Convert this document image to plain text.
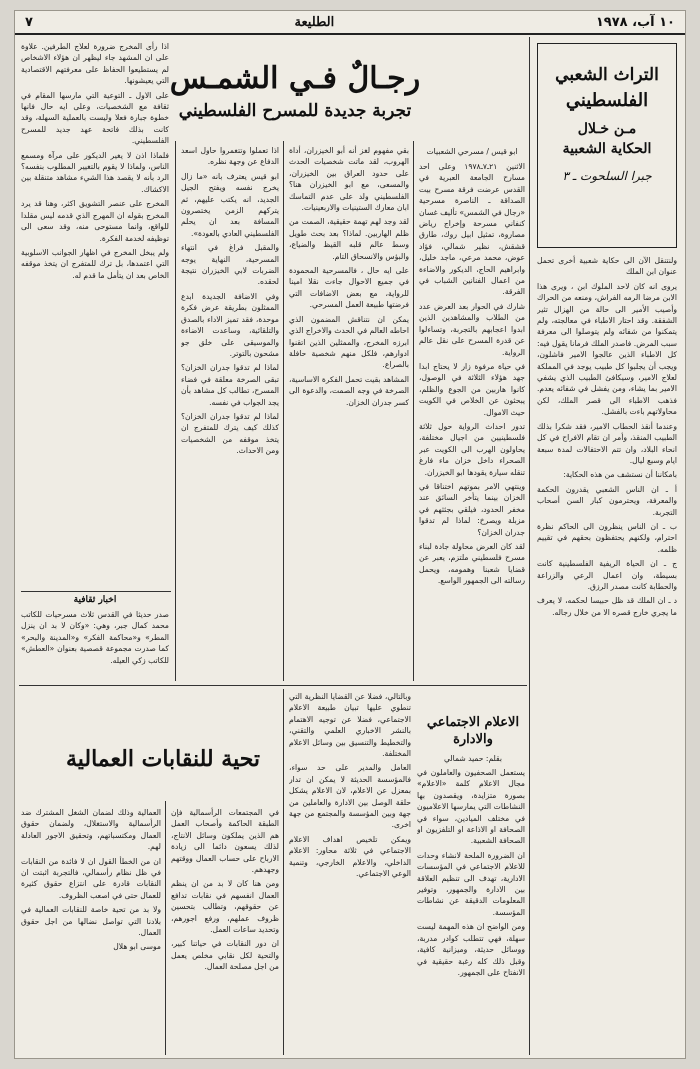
١٠ آب، ١٩٧٨
الطليعة
٧
التراث الشعبي
الفلسطيني
مـن خـلال
الحكاية الشعبية
جبرا السلحوت ـ ٣

ولنتنقل الآن الى حكاية شعبية أخرى تحمل عنوان ابن الملك

يروى انه كان لاحد الملوك ابن ، ويرى هذا الابن مرضا الرمه الفراش، ومنعه من الحراك وأصيب الأمير الى حالة من الهزال تثير الشفقة. وقد احتار الاطباء في معالجته، ولم يتمكنوا من شفائه ولم يتوصلوا الى معرفة سبب المرض. فاصدر الملك فرمانا يقول فيه: كل الاطباء الذين عالجوا الامير فاشلون، ويجب أن يجلبوا كل طبيب يوجد في المملكة لعلاج الامير، وسيكافئ الطبيب الذي يشفي الامير بما يشاء، ومن يفشل في شفائه يعدم. فذهب الاطباء الى قصر الملك، لكن محاولاتهم باءت بالفشل.

وعندما أنقذ الحطاب الامير، فقد شكرا بذلك الطبيب المنقذ، وأمر ان تقام الافراح في كل انحاء البلاد، وان تتم الاحتفالات لمدة سبعة ايام وسبع ليال.

بامكاننا أن نستشف من هذه الحكاية:

أ ـ ان الناس الشعبي يقدرون الحكمة والمعرفة، ويحترمون كبار السن أصحاب التجربة.

ب ـ ان الناس ينظرون الى الحاكم نظرة احترام، ولكنهم يحتفظون بحقهم في تقييم ظلمه.

ج ـ ان الحياة الريفية الفلسطينية كانت بسيطة، وان اعمال الرعي والزراعة والحطابة كانت مصدر الرزق.

د ـ ان الملك قد ظل حبيسا لحكمه، لا يعرف ما يجري خارج قصره الا من خلال رجاله.

رجـالٌ فـي الشمـس
تجربة جديدة للمسرح الفلسطيني
ابو قيس / مسرحي الشعبيات

الاثنين ٢١ـ٧ـ١٩٧٨ وعلى احد مسارح الجامعة العبرية في القدس عرضت فرقة مسرح بيت الصداقة ـ الناصرة مسرحية «رجال في الشمس» تأليف غسان كنفاني مسرحة وإخراج رياض مصاروة، تمثيل ابيل روك، طارق قشقش، نظير شمالي، فؤاد عوض، محمد مرعي، ماجد خليل، وابراهيم الحاج، الديكور والاضاءة من اعمال الفنانين الشباب في الفرقة.

شارك في الحوار بعد العرض عدد من الطلاب والمشاهدين الذين ابدوا اعجابهم بالتجربة، وتساءلوا عن قدرة المسرح على نقل عالم الرواية.

في حياة مرفوة زار لا يحتاج ابدا جهد هؤلاء الثلاثة في الوصول، كانوا هاربين من الجوع والظلم، يبحثون عن الخلاص في الكويت حيث الاموال.

تدور احداث الرواية حول ثلاثة فلسطينيين من اجيال مختلفة، يحاولون الهرب الى الكويت عبر الصحراء داخل خزان ماء فارغ تنقله سيارة يقودها ابو الخيزران.

وينتهي الامر بموتهم اختناقا في الخزان بينما يتأخر السائق عند مخفر الحدود، فيلقي بجثثهم في مزبلة ويصرخ: لماذا لم تدقوا جدران الخزان؟

لقد كان العرض محاولة جادة لبناء مسرح فلسطيني ملتزم، يعبر عن قضايا شعبنا وهمومه، ويحمل رسالته الى الجمهور الواسع.

بقي مفهوم لغز أنه أبو الخيزران، أداة الهروب، لقد ماتت شخصيات الحدث على حدود العراق بين الخيزران، والمسعى، مع ابو الخيزران هنا؟ الفلسطيني ولد على عدم التماسك ابان معارك الستينيات والاربعينيات.

لقد وجد لهم تهمة حقيقية، الصمت من ظلم الهاربين. لماذا؟ بعد بحث طويل وسط عالم قلبه القيظ والضياع، والبؤس والانسحاق التام.

على ايه حال ، فالمسرحية المحمودة في جميع الاحوال جاءت نقلا امينا للرواية، مع بعض الاضافات التي فرضتها طبيعة العمل المسرحي.

يمكن ان نتناقش المضمون الذي احاطه العالم في الحدث والاخراج الذي ابرزه المخرج، والممثلين الذين اتقنوا ادوارهم، فلكل منهم شخصية حافلة بالصراع.

المشاهد بقيت تحمل الفكرة الاساسية، الصرخة في وجه الصمت، والدعوة الى كسر جدران الخزان.

اذا تعملوا وتتغمروا حاول اسعد الدفاع عن وجهة نظره.

ابو قيس يعترف بانه «ما زال يخرج نفسه ويفتح الجيل الجديد، انه يكتب عليهم، ثم يتركهم الزمن يختصرون المسافة بعد ان يحلم الفلسطيني العادي بالعودة».

والمقبل فراغ في انتهاء المسرحية، النهاية يوجه الضربات لابي الخيزران نتيجة لحقده.

وفي الاضافة الجديدة ابدع الممثلون بطريقة عرض فكرة موحدة، فقد تميز الاداء بالصدق والتلقائية، وساعدت الاضاءة والموسيقى على خلق جو مشحون بالتوتر.

لماذا لم تدقوا جدران الخزان؟ تبقى الصرخة معلقة في فضاء المسرح، تطالب كل مشاهد بأن يجد الجواب في نفسه.

لماذا لم تدقوا جدران الخزان؟ كذلك كيف يترك للمتفرج ان يتخذ موقفه من الشخصيات ومن الاحداث.

اذا رأى المخرج ضرورة لعلاج الطرفين. علاوة على ان المشهد جاء ليظهر ان هؤلاء الاشخاص لم يستطيعوا الحفاظ على معرفتهم الاقتصادية التي يعيشونها.

على الاول ـ التوعية التي مارسها المقام في ثقافة مع الشخصيات، وعلى ايه حال فانها خطوة جبارة فعلا وليست بالعملية السهلة، وقد كانت بذلك فاتحة عهد جديد للمسرح الفلسطيني.

فلماذا اذن لا يغير الديكور على مرآة ومسمع الناس، ولماذا لا يقوم بالتغيير المطلوب بنفسه؟ الرد بأنه لا يقصد هذا الشيء مشاهد متنقلة بين الاكشاك.

المخرج على عنصر التشويق اكثر، وهنا قد يرد المخرج بقوله ان المهرج الذي قدمه ليس مقلدا للواقع، وانما مستوحى منه، وقد سعى الى توظيفه لخدمة الفكرة.

ولم يبخل المخرج في اظهار الجوانب الاسلوبية التي اعتمدها، بل ترك للمتفرج ان يتخذ موقفه الخاص بعد ان يتأمل ما قدم له.

اخبار ثقافية

صدر حديثا في القدس ثلاث مسرحيات للكاتب محمد كمال جبر، وهي: «وكان لا بد ان ينزل المطر» و«محاكمة الفكر» و«المدينة والبحر» كما صدرت مجموعة قصصية بعنوان «العطش» للكاتب زكي العيله.

الاعلام الاجتماعي والادارة
بقلم: حميد شمالي

يستعمل الصحفيون والعاملون في مجال الاعلام كلمة «الاعلام» بصورة متزايدة، ويقصدون بها النشاطات التي يمارسها الاعلاميون في مختلف الميادين، سواء في الصحافة او الاذاعة او التلفزيون او الصحافة الشعبية.

ان الضرورة الملحة لانشاء وحدات للاعلام الاجتماعي في المؤسسات الادارية، تهدف الى تنظيم العلاقة بين الادارة والجمهور، وتوفير المعلومات الدقيقة عن نشاطات المؤسسة.

ومن الواضح ان هذه المهمة ليست سهلة، فهي تتطلب كوادر مدربة، ووسائل حديثة، وميزانية كافية، وقبل ذلك كله رغبة حقيقية في الانفتاح على الجمهور.

وبالتالي، فضلا عن القضايا النظرية التي تنطوي عليها تبيان طبيعة الاعلام الاجتماعي، فضلا عن توجيه الاهتمام بالنشر الاخباري العلمي والتقني، والتخطيط والتنسيق بين وسائل الاعلام المختلفة.

العامل والمدير على حد سواء، فالمؤسسة الحديثة لا يمكن ان تدار بمعزل عن الاعلام، لان الاعلام يشكل حلقة الوصل بين الادارة والعاملين من جهة وبين المؤسسة والمجتمع من جهة اخرى.

ويمكن تلخيص اهداف الاعلام الاجتماعي في ثلاثة محاور: الاعلام الداخلي، والاعلام الخارجي، وتنمية الوعي الاجتماعي.

تحية للنقابات العمالية

في المجتمعات الرأسمالية فإن الطبقة الحاكمة وأصحاب العمل هم الذين يملكون وسائل الانتاج، لذلك يسعون دائما الى زيادة الارباح على حساب العمال ووقتهم وجهدهم.

ومن هنا كان لا بد من ان ينظم العمال انفسهم في نقابات تدافع عن حقوقهم، وتطالب بتحسين ظروف عملهم، ورفع اجورهم، وتحديد ساعات العمل.

ان دور النقابات في حياتنا كبير، والتحية لكل نقابي مخلص يعمل من اجل مصلحة العمال.

العمالية وذلك لضمان الشغل المشترك ضد الرأسمالية والاستغلال، ولضمان حقوق العمال ومكتسباتهم، وتحقيق الاجور العادلة لهم.

ان من الخطأ القول ان لا فائدة من النقابات في ظل نظام رأسمالي، فالتجربة اثبتت ان النقابات قادرة على انتزاع حقوق كثيرة للعمال حتى في اصعب الظروف.

ولا بد من تحية خاصة للنقابات العمالية في بلادنا التي تواصل نضالها من اجل حقوق العمال.

موسى ابو هلال
